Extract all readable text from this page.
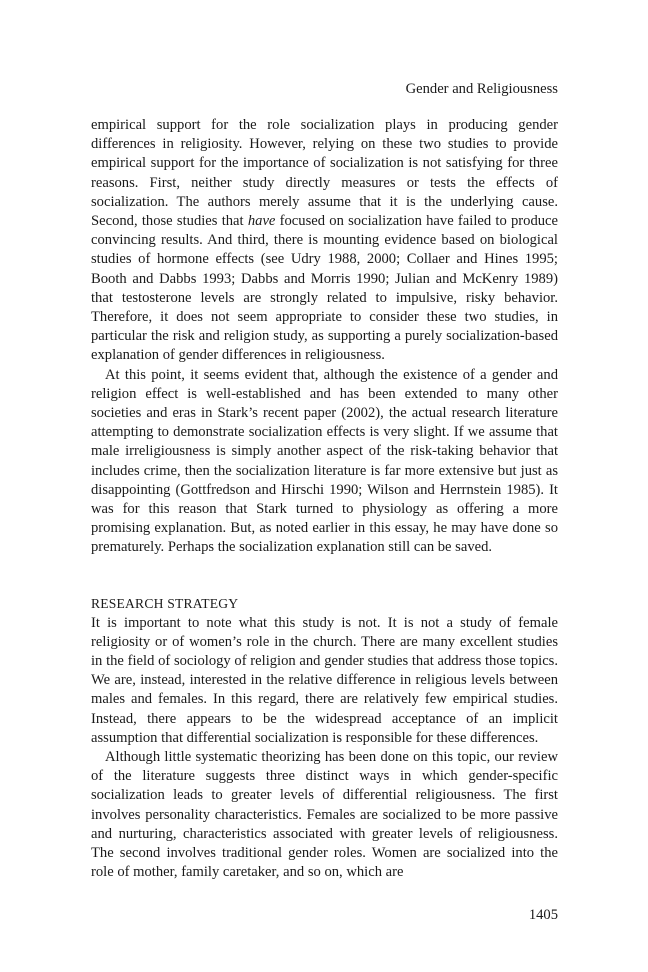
Gender and Religiousness

empirical support for the role socialization plays in producing gender differences in religiosity. However, relying on these two studies to provide empirical support for the importance of socialization is not satisfying for three reasons. First, neither study directly measures or tests the effects of socialization. The authors merely assume that it is the underlying cause. Second, those studies that have focused on socialization have failed to produce convincing results. And third, there is mounting evidence based on biological studies of hormone effects (see Udry 1988, 2000; Collaer and Hines 1995; Booth and Dabbs 1993; Dabbs and Morris 1990; Julian and McKenry 1989) that testosterone levels are strongly related to impulsive, risky behavior. Therefore, it does not seem appropriate to consider these two studies, in particular the risk and religion study, as supporting a purely socialization-based explanation of gender differences in religiousness.

At this point, it seems evident that, although the existence of a gender and religion effect is well-established and has been extended to many other societies and eras in Stark’s recent paper (2002), the actual research literature attempting to demonstrate socialization effects is very slight. If we assume that male irreligiousness is simply another aspect of the risk-taking behavior that includes crime, then the socialization literature is far more extensive but just as disappointing (Gottfredson and Hirschi 1990; Wilson and Herrnstein 1985). It was for this reason that Stark turned to physiology as offering a more promising explanation. But, as noted earlier in this essay, he may have done so prematurely. Perhaps the socialization explanation still can be saved.

RESEARCH STRATEGY

It is important to note what this study is not. It is not a study of female religiosity or of women’s role in the church. There are many excellent studies in the field of sociology of religion and gender studies that address those topics. We are, instead, interested in the relative difference in religious levels between males and females. In this regard, there are relatively few empirical studies. Instead, there appears to be the widespread acceptance of an implicit assumption that differential socialization is responsible for these differences.

Although little systematic theorizing has been done on this topic, our review of the literature suggests three distinct ways in which gender-specific socialization leads to greater levels of differential religiousness. The first involves personality characteristics. Females are socialized to be more passive and nurturing, characteristics associated with greater levels of religiousness. The second involves traditional gender roles. Women are socialized into the role of mother, family caretaker, and so on, which are

1405
